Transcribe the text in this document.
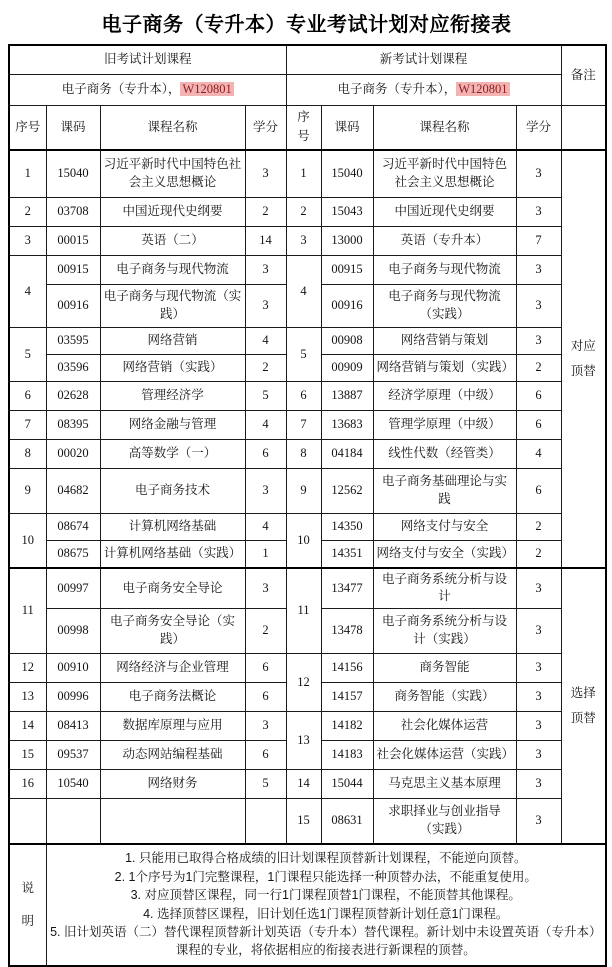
电子商务（专升本）专业考试计划对应衔接表
旧考试计划课程				新考试计划课程				备注
电子商务（专升本）， W120801				电子商务（专升本）， W120801				
序号	课码	课程名称	学分	序号	课码	课程名称	学分	
1	15040	习近平新时代中国特色社会主义思想概论	3	1	15040	习近平新时代中国特色社会主义思想概论	3	对应顶替
2	03708	中国近现代史纲要	2	2	15043	中国近现代史纲要	3	
3	00015	英语（二）	14	3	13000	英语（专升本）	7	
4	00915	电子商务与现代物流	3	4	00915	电子商务与现代物流	3	
	00916	电子商务与现代物流（实践）	3		00916	电子商务与现代物流（实践）	3	
5	03595	网络营销	4	5	00908	网络营销与策划	3	
	03596	网络营销（实践）	2		00909	网络营销与策划（实践）	2	
6	02628	管理经济学	5	6	13887	经济学原理（中级）	6	
7	08395	网络金融与管理	4	7	13683	管理学原理（中级）	6	
8	00020	高等数学（一）	6	8	04184	线性代数（经管类）	4	
9	04682	电子商务技术	3	9	12562	电子商务基础理论与实践	6	
10	08674	计算机网络基础	4	10	14350	网络支付与安全	2	
	08675	计算机网络基础（实践）	1		14351	网络支付与安全（实践）	2	
11	00997	电子商务安全导论	3	11	13477	电子商务系统分析与设计	3	选择顶替
	00998	电子商务安全导论（实践）	2		13478	电子商务系统分析与设计（实践）	3	
12	00910	网络经济与企业管理	6	12	14156	商务智能	3	
13	00996	电子商务法概论	6		14157	商务智能（实践）	3	
14	08413	数据库原理与应用	3	13	14182	社会化媒体运营	3	
15	09537	动态网站编程基础	6		14183	社会化媒体运营（实践）	3	
16	10540	网络财务	5	14	15044	马克思主义基本原理	3	
				15	08631	求职择业与创业指导（实践）	3	
说明	1. 只能用已取得合格成绩的旧计划课程顶替新计划课程，不能逆向顶替。
2. 1个序号为1门完整课程，1门课程只能选择一种顶替办法，不能重复使用。
3. 对应顶替区课程，同一行1门课程顶替1门课程，不能顶替其他课程。
4. 选择顶替区课程，旧计划任选1门课程顶替新计划任意1门课程。
5. 旧计划英语（二）替代课程顶替新计划英语（专升本）替代课程。新计划中未设置英语（专升本）课程的专业，将依据相应的衔接表进行新课程的顶替。							
